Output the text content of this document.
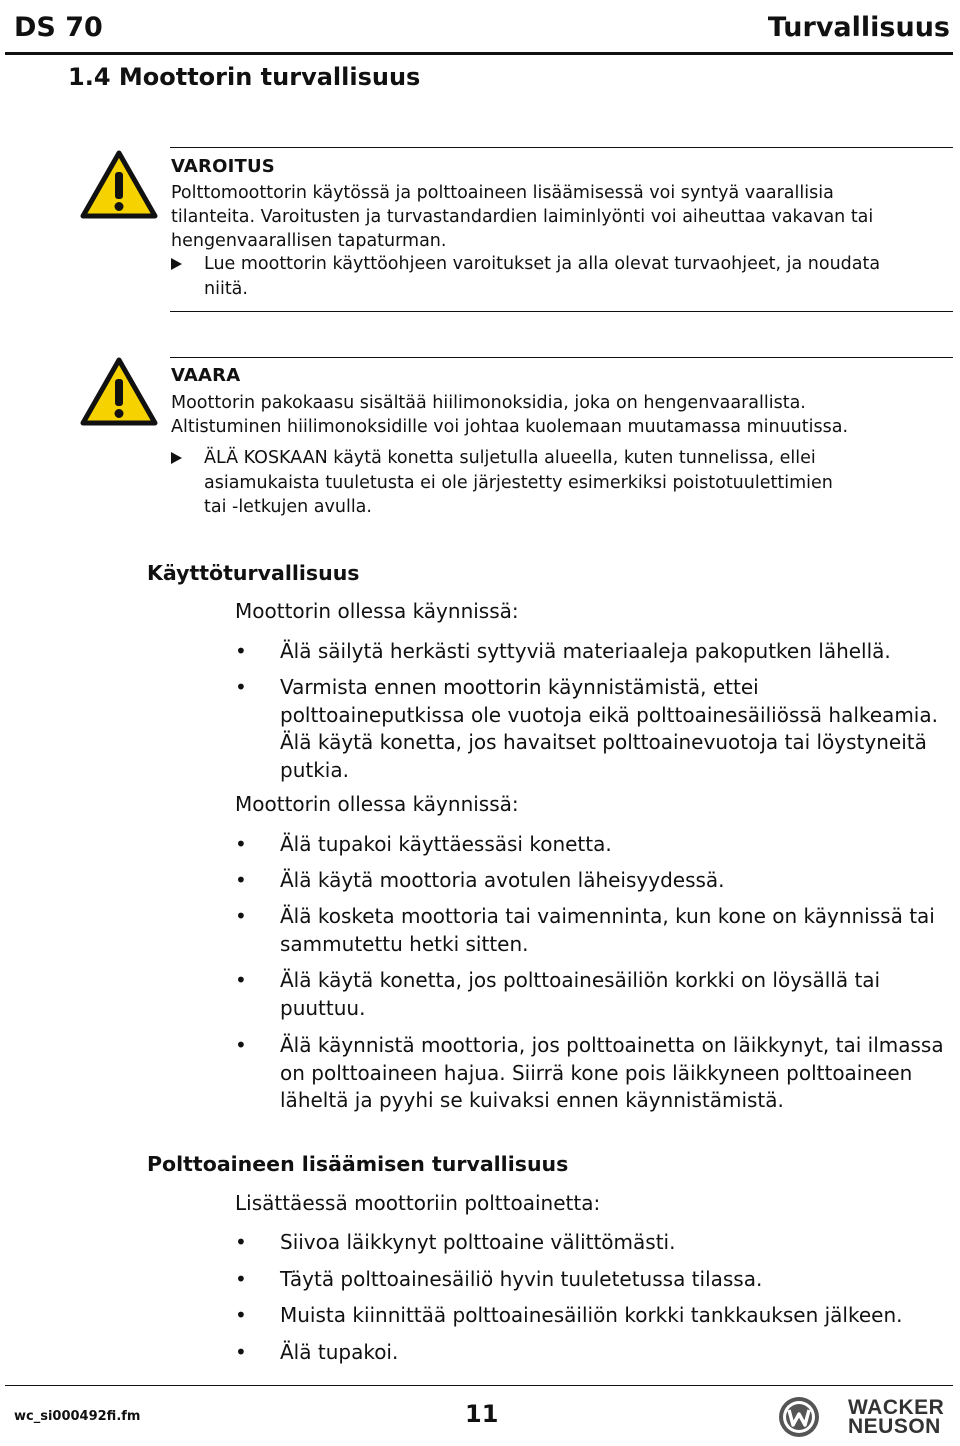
DS 70	Turvallisuus
1.4 Moottorin turvallisuus
VAROITUS
Polttomoottorin käytössä ja polttoaineen lisäämisessä voi syntyä vaarallisia
tilanteita. Varoitusten ja turvastandardien laiminlyönti voi aiheuttaa vakavan tai
hengenvaarallisen tapaturman.
Lue moottorin käyttöohjeen varoitukset ja alla olevat turvaohjeet, ja noudata
niitä.
VAARA
Moottorin pakokaasu sisältää hiilimonoksidia, joka on hengenvaarallista.
Altistuminen hiilimonoksidille voi johtaa kuolemaan muutamassa minuutissa.
ÄLÄ KOSKAAN käytä konetta suljetulla alueella, kuten tunnelissa, ellei
asiamukaista tuuletusta ei ole järjestetty esimerkiksi poistotuulettimien
tai -letkujen avulla.
Käyttöturvallisuus
Moottorin ollessa käynnissä:
• Älä säilytä herkästi syttyviä materiaaleja pakoputken lähellä.
• Varmista ennen moottorin käynnistämistä, ettei
polttoaineputkissa ole vuotoja eikä polttoainesäiliössä halkeamia.
Älä käytä konetta, jos havaitset polttoainevuotoja tai löystyneitä
putkia.
Moottorin ollessa käynnissä:
• Älä tupakoi käyttäessäsi konetta.
• Älä käytä moottoria avotulen läheisyydessä.
• Älä kosketa moottoria tai vaimenninta, kun kone on käynnissä tai
sammutettu hetki sitten.
• Älä käytä konetta, jos polttoainesäiliön korkki on löysällä tai
puuttuu.
• Älä käynnistä moottoria, jos polttoainetta on läikkynyt, tai ilmassa
on polttoaineen hajua. Siirrä kone pois läikkyneen polttoaineen
läheltä ja pyyhi se kuivaksi ennen käynnistämistä.
Polttoaineen lisäämisen turvallisuus
Lisättäessä moottoriin polttoainetta:
• Siivoa läikkynyt polttoaine välittömästi.
• Täytä polttoainesäiliö hyvin tuuletetussa tilassa.
• Muista kiinnittää polttoainesäiliön korkki tankkauksen jälkeen.
• Älä tupakoi.
wc_si000492fi.fm	11	WACKER
NEUSON
